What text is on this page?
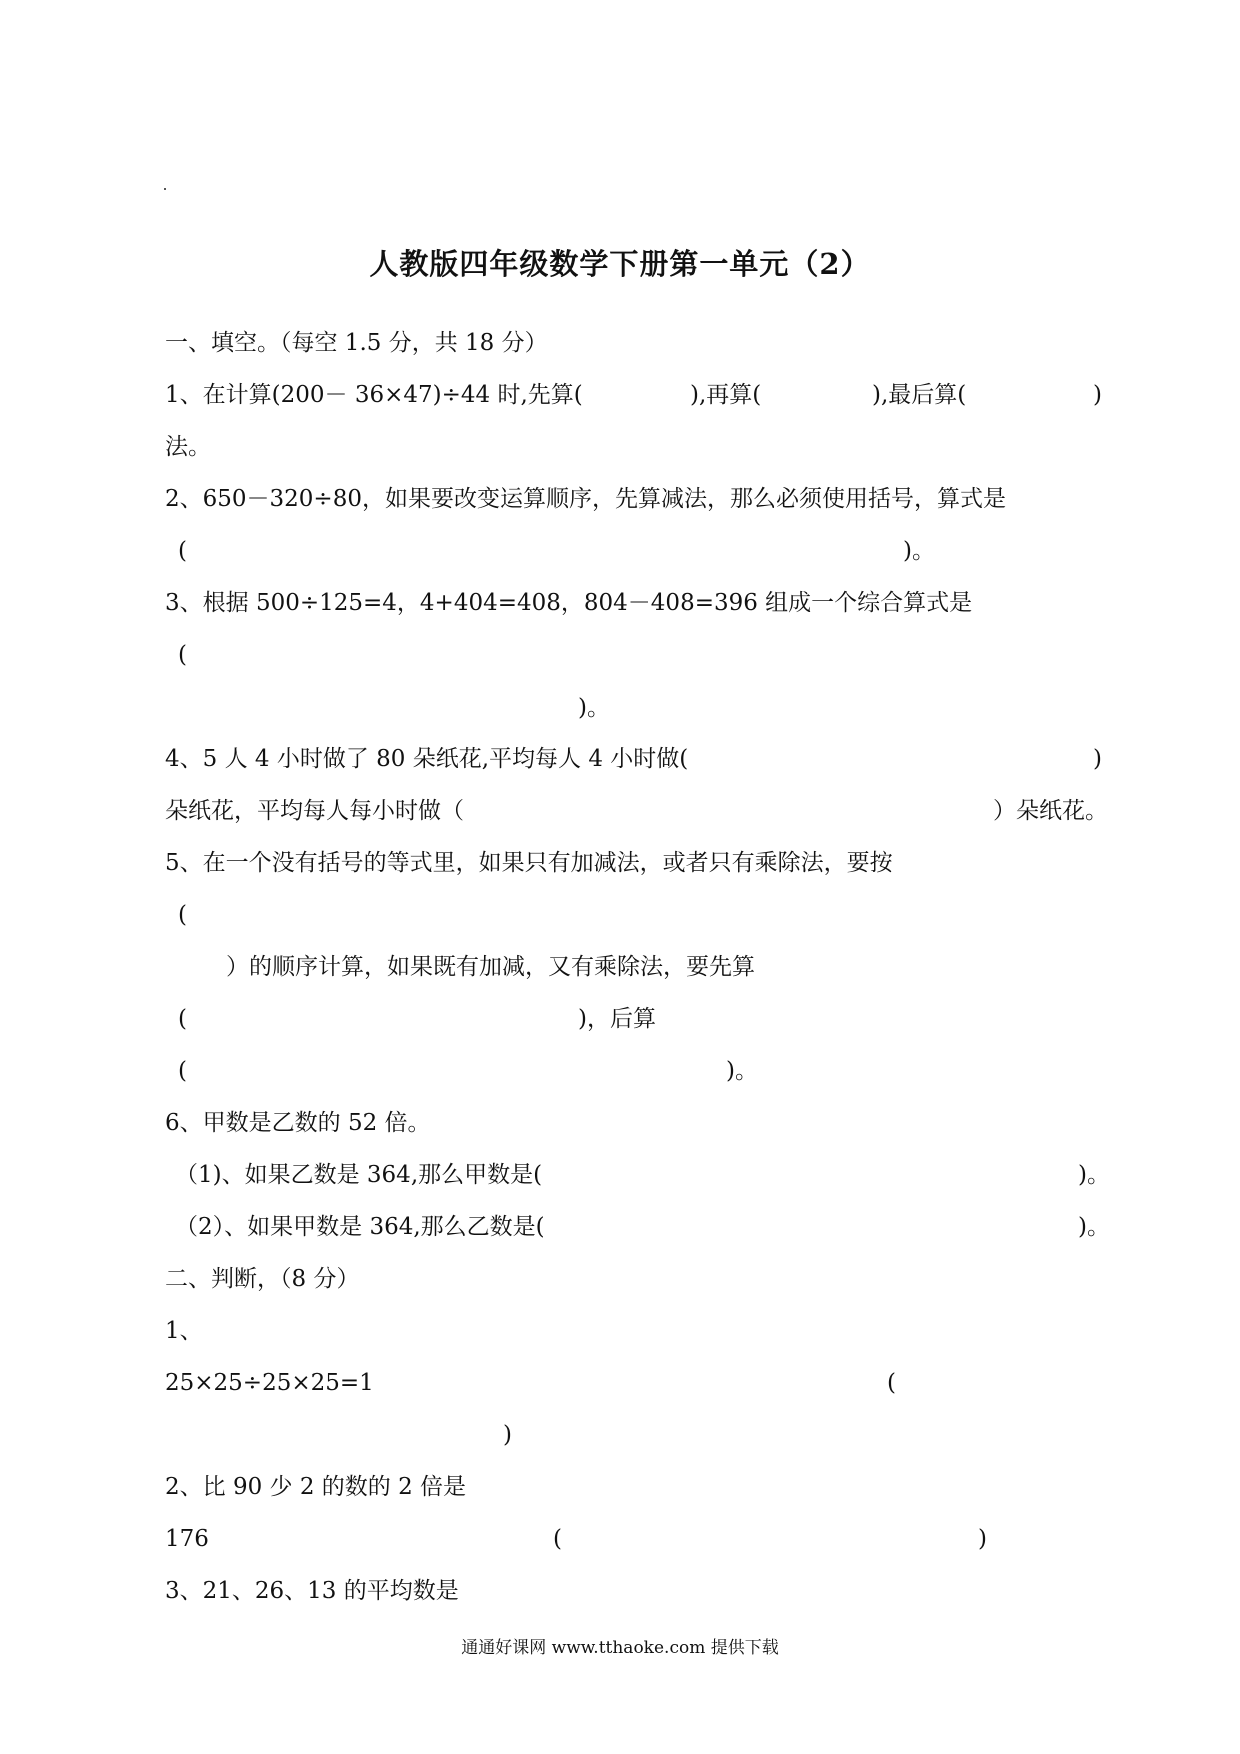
人教版四年级数学下册第一单元（2）
一、填空。（每空 1.5 分，共 18 分）
1、在计算(200－ 36×47)÷44 时,先算(	),再算(	),最后算(	)
法。
2、650－320÷80，如果要改变运算顺序，先算减法，那么必须使用括号，算式是
(	)。
3、根据 500÷125=4，4+404=408，804－408=396 组成一个综合算式是
(
)。
4、5 人 4 小时做了 80 朵纸花,平均每人 4 小时做(	)
朵纸花，平均每人每小时做（	）朵纸花。
5、在一个没有括号的等式里，如果只有加减法，或者只有乘除法，要按
(
）的顺序计算，如果既有加减，又有乘除法，要先算
(	)，后算
(	)。
6、甲数是乙数的 52 倍。
（1)、如果乙数是 364,那么甲数是(	)。
（2）、如果甲数是 364,那么乙数是(	)。
二、判断，（8 分）
1、
25×25÷25×25=1	(
)
2、比 90 少 2 的数的 2 倍是
176	(	)
3、21、26、13 的平均数是
通通好课网 www.tthaoke.com 提供下载
